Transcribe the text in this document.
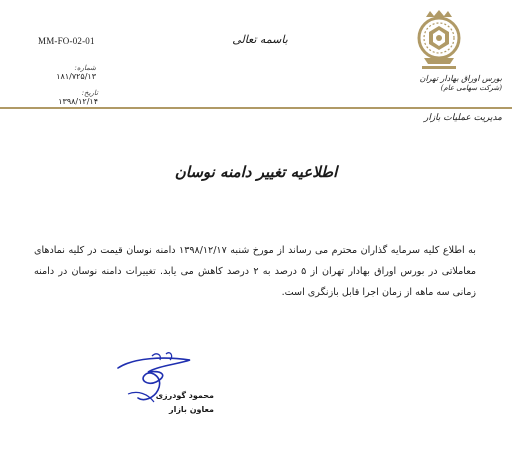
MM-FO-02-01
شماره: ۱۸۱/۷۲۵/۱۳
تاریخ: ۱۳۹۸/۱۲/۱۴
باسمه تعالی
بورس اوراق بهادار تهران
(شرکت سهامی عام)
مدیریت عملیات بازار
اطلاعیه تغییر دامنه نوسان
به اطلاع کلیه سرمایه گذاران محترم می رساند از مورخ شنبه ۱۳۹۸/۱۲/۱۷ دامنه نوسان قیمت در کلیه نمادهای معاملاتی در بورس اوراق بهادار تهران از ۵ درصد به ۲ درصد کاهش می یابد. تغییرات دامنه نوسان در دامنه زمانی سه ماهه از زمان اجرا قابل بازنگری است.
محمود گودرزی
معاون بازار
